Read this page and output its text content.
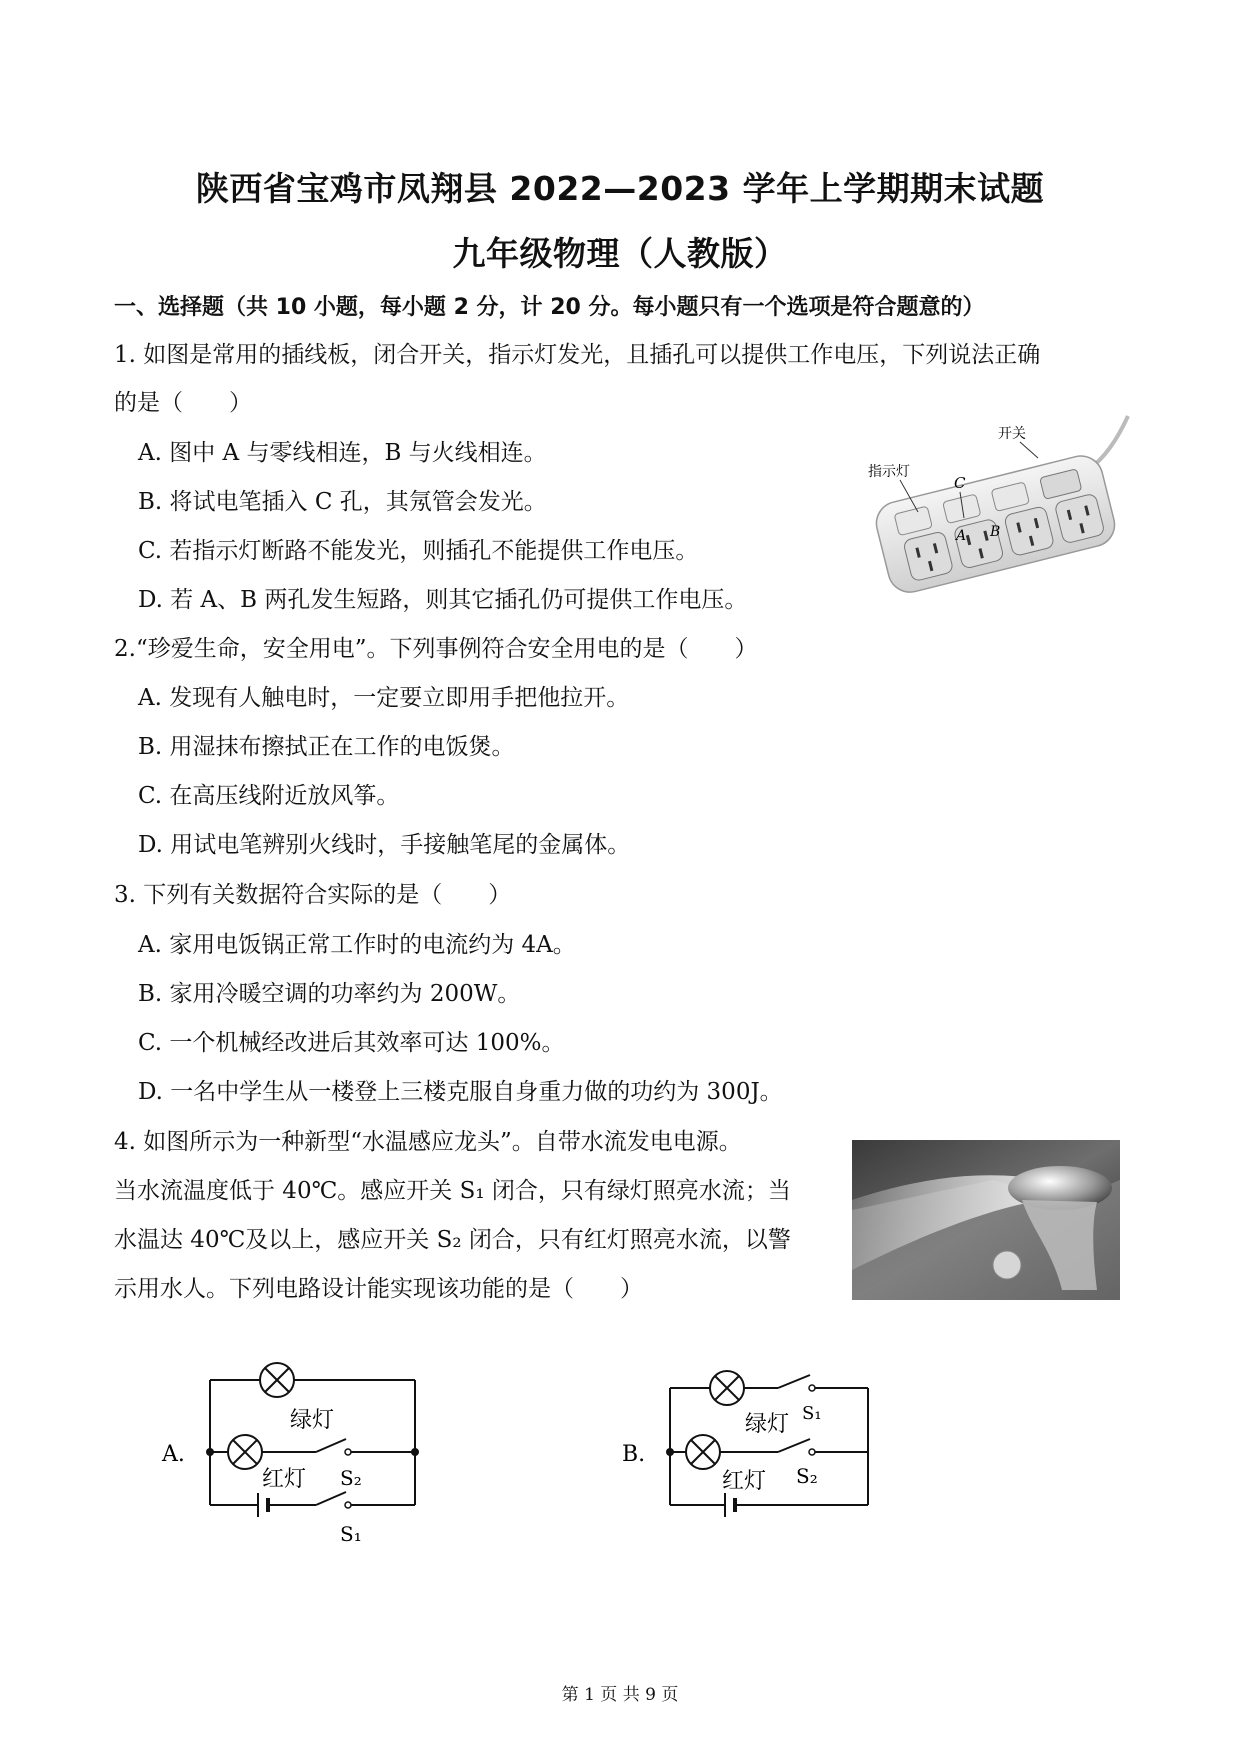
陕西省宝鸡市凤翔县 2022—2023 学年上学期期末试题
九年级物理（人教版）
一、选择题（共 10 小题，每小题 2 分，计 20 分。每小题只有一个选项是符合题意的）
1. 如图是常用的插线板，闭合开关，指示灯发光，且插孔可以提供工作电压，下列说法正确
的是（　　）
A. 图中 A 与零线相连，B 与火线相连。
B. 将试电笔插入 C 孔，其氖管会发光。
C. 若指示灯断路不能发光，则插孔不能提供工作电压。
D. 若 A、B 两孔发生短路，则其它插孔仍可提供工作电压。
开关
指示灯
C
A B
2.“珍爱生命，安全用电”。下列事例符合安全用电的是（　　）
A. 发现有人触电时，一定要立即用手把他拉开。
B. 用湿抹布擦拭正在工作的电饭煲。
C. 在高压线附近放风筝。
D. 用试电笔辨别火线时，手接触笔尾的金属体。
3. 下列有关数据符合实际的是（　　）
A. 家用电饭锅正常工作时的电流约为 4A。
B. 家用冷暖空调的功率约为 200W。
C. 一个机械经改进后其效率可达 100%。
D. 一名中学生从一楼登上三楼克服自身重力做的功约为 300J。
4. 如图所示为一种新型“水温感应龙头”。自带水流发电电源。
当水流温度低于 40℃。感应开关 S₁ 闭合，只有绿灯照亮水流；当
水温达 40℃及以上，感应开关 S₂ 闭合，只有红灯照亮水流，以警
示用水人。下列电路设计能实现该功能的是（　　）
A.
绿灯
红灯 S₂
S₁
B.
绿灯
红灯
S₁
S₂
第 1 页 共 9 页
